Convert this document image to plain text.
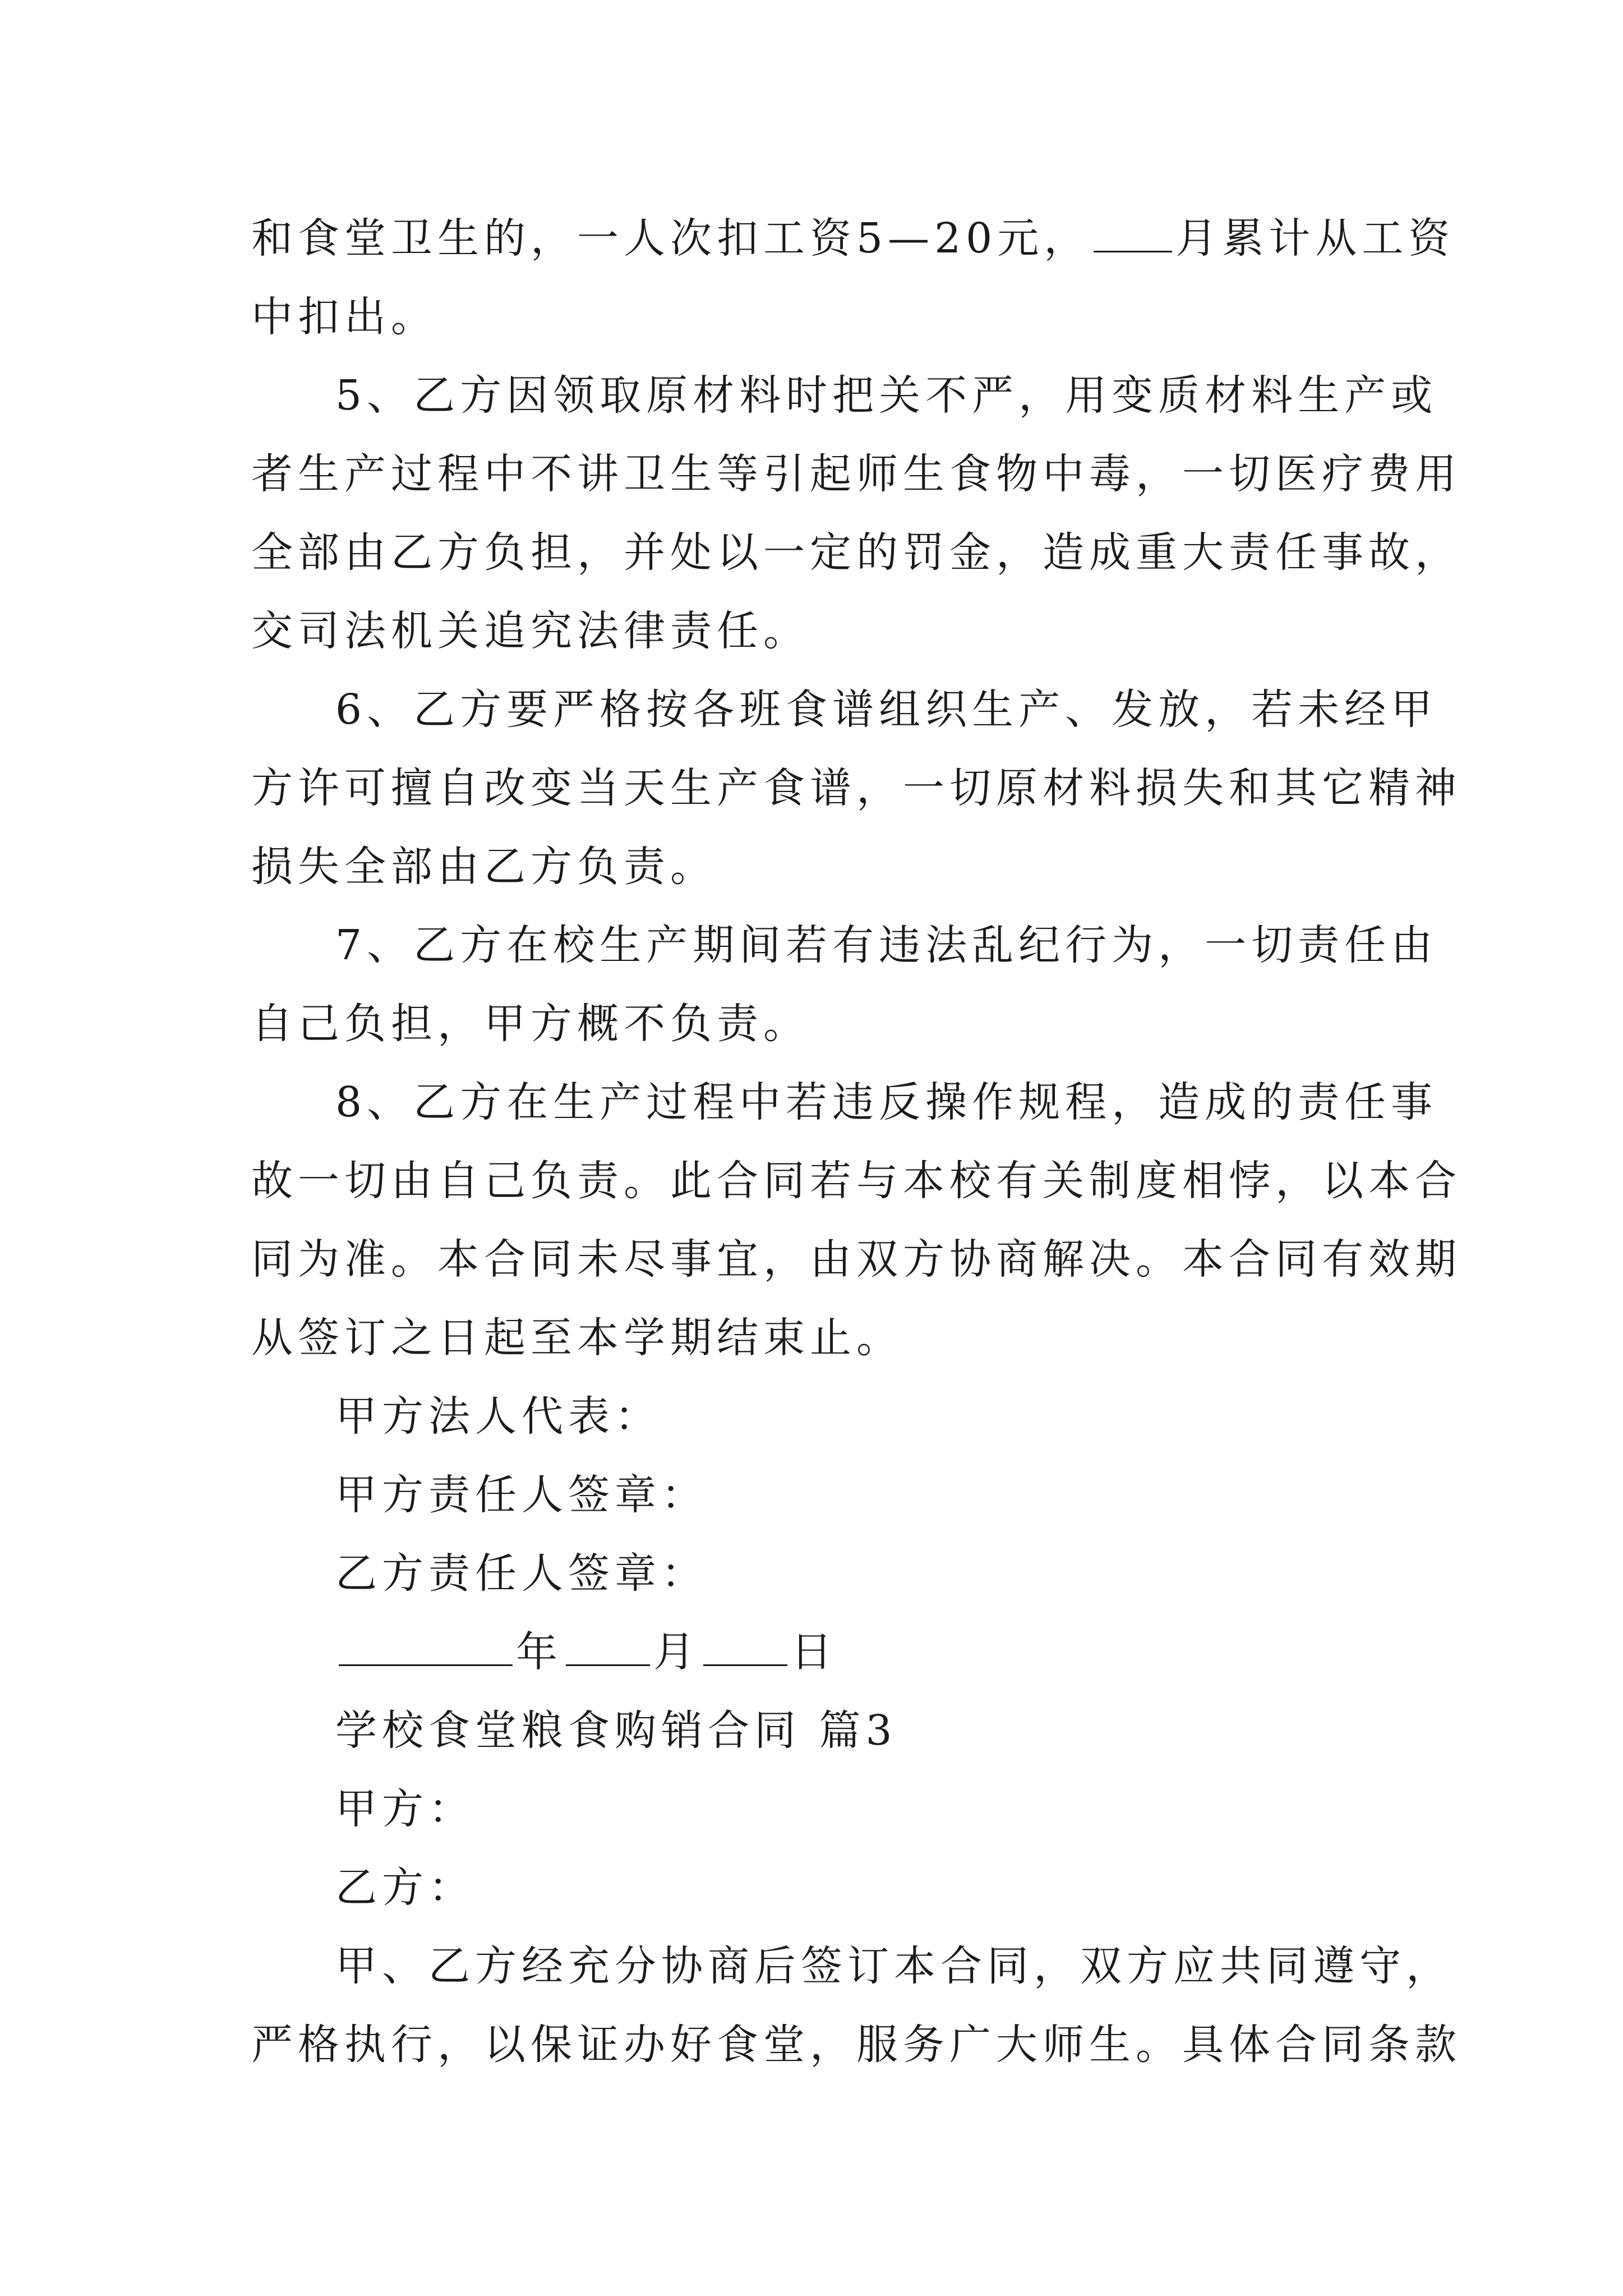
和食堂卫生的，一人次扣工资5—20元， 月累计从工资
中扣出。
5、乙方因领取原材料时把关不严，用变质材料生产或
者生产过程中不讲卫生等引起师生食物中毒，一切医疗费用
全部由乙方负担，并处以一定的罚金，造成重大责任事故，
交司法机关追究法律责任。
6、乙方要严格按各班食谱组织生产、发放，若未经甲
方许可擅自改变当天生产食谱，一切原材料损失和其它精神
损失全部由乙方负责。
7、乙方在校生产期间若有违法乱纪行为，一切责任由
自己负担，甲方概不负责。
8、乙方在生产过程中若违反操作规程，造成的责任事
故一切由自己负责。此合同若与本校有关制度相悖，以本合
同为准。本合同未尽事宜，由双方协商解决。本合同有效期
从签订之日起至本学期结束止。
甲方法人代表：
甲方责任人签章：
乙方责任人签章：
年 月 日
学校食堂粮食购销合同 篇3
甲方：
乙方：
甲、乙方经充分协商后签订本合同，双方应共同遵守，
严格执行，以保证办好食堂，服务广大师生。具体合同条款
